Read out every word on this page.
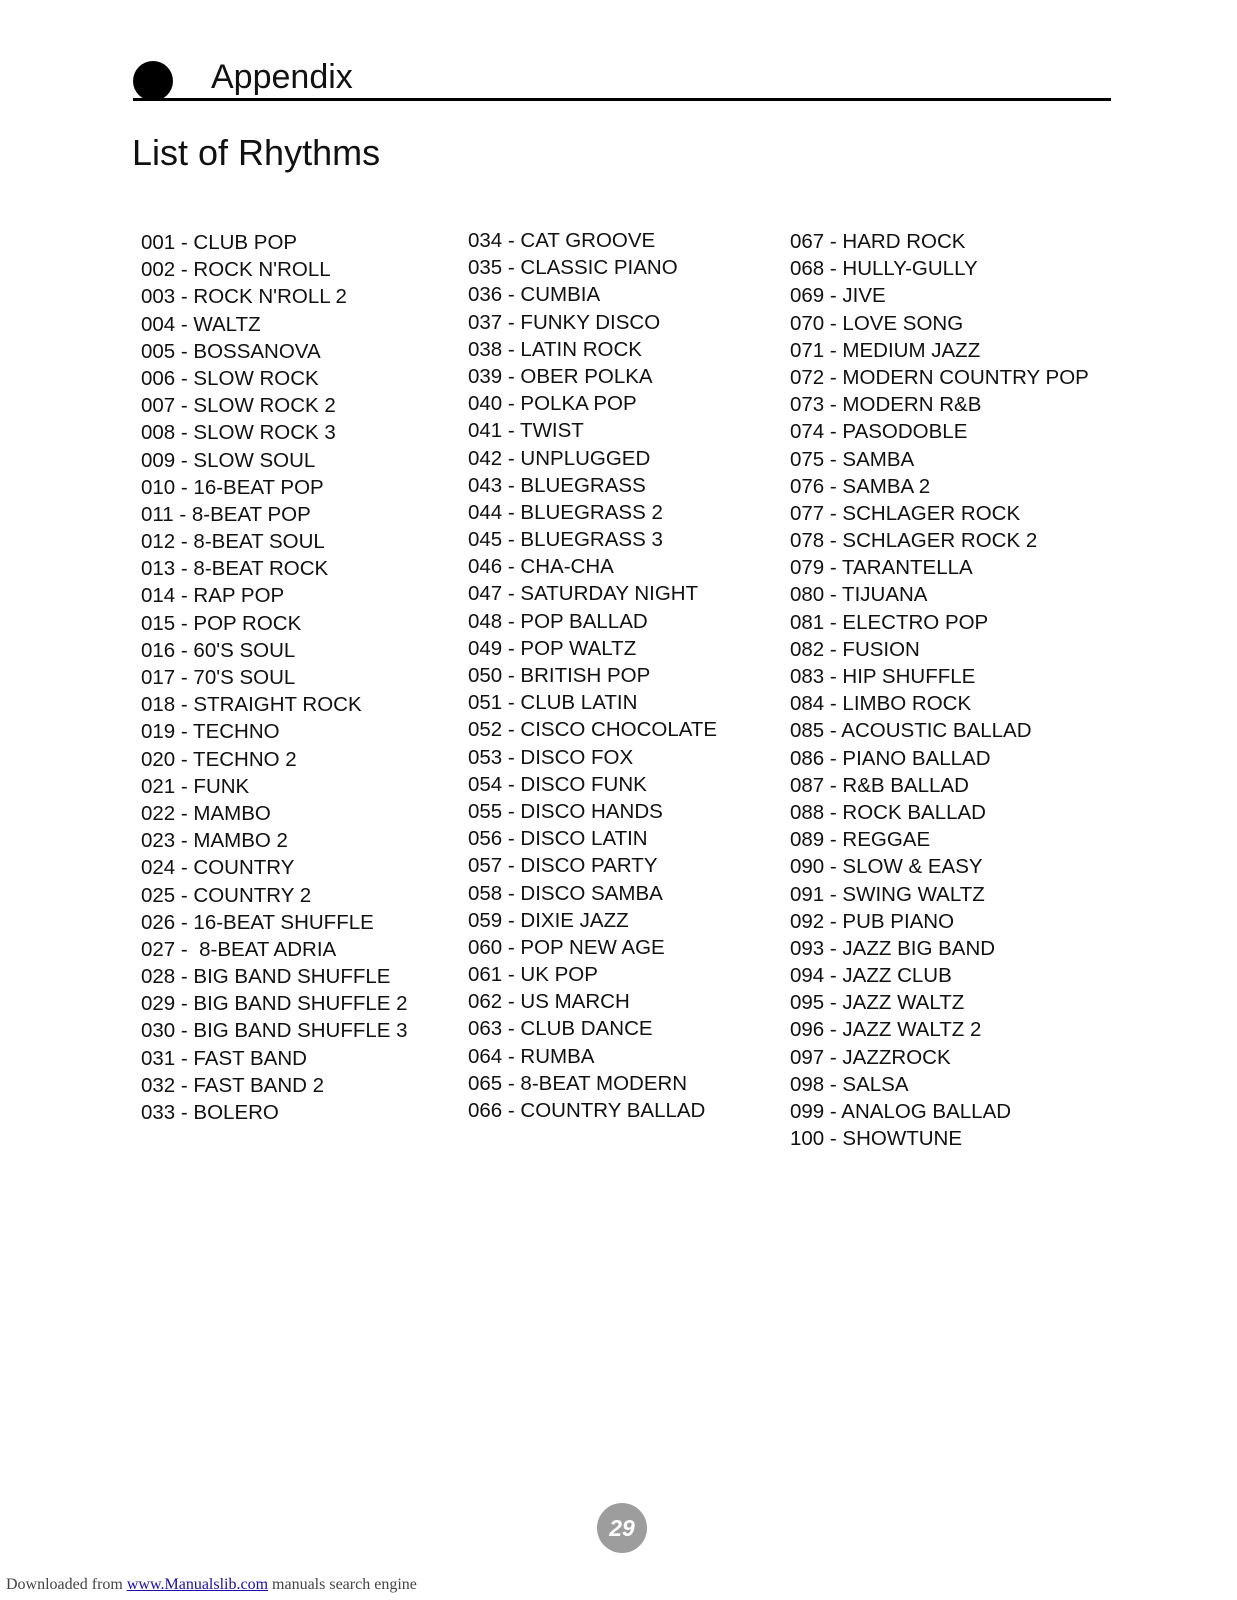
Appendix
List of Rhythms
001 - CLUB POP
002 - ROCK N'ROLL
003 - ROCK N'ROLL 2
004 - WALTZ
005 - BOSSANOVA
006 - SLOW ROCK
007 - SLOW ROCK 2
008 - SLOW ROCK 3
009 - SLOW SOUL
010 - 16-BEAT POP
011 - 8-BEAT POP
012 - 8-BEAT SOUL
013 - 8-BEAT ROCK
014 - RAP POP
015 - POP ROCK
016 - 60'S SOUL
017 - 70'S SOUL
018 - STRAIGHT ROCK
019 - TECHNO
020 - TECHNO 2
021 - FUNK
022 - MAMBO
023 - MAMBO 2
024 - COUNTRY
025 - COUNTRY 2
026 - 16-BEAT SHUFFLE
027 -  8-BEAT ADRIA
028 - BIG BAND SHUFFLE
029 - BIG BAND SHUFFLE 2
030 - BIG BAND SHUFFLE 3
031 - FAST BAND
032 - FAST BAND 2
033 - BOLERO
034 - CAT GROOVE
035 - CLASSIC PIANO
036 - CUMBIA
037 - FUNKY DISCO
038 - LATIN ROCK
039 - OBER POLKA
040 - POLKA POP
041 - TWIST
042 - UNPLUGGED
043 - BLUEGRASS
044 - BLUEGRASS 2
045 - BLUEGRASS 3
046 - CHA-CHA
047 - SATURDAY NIGHT
048 - POP BALLAD
049 - POP WALTZ
050 - BRITISH POP
051 - CLUB LATIN
052 - CISCO CHOCOLATE
053 - DISCO FOX
054 - DISCO FUNK
055 - DISCO HANDS
056 - DISCO LATIN
057 - DISCO PARTY
058 - DISCO SAMBA
059 - DIXIE JAZZ
060 - POP NEW AGE
061 - UK POP
062 - US MARCH
063 - CLUB DANCE
064 - RUMBA
065 - 8-BEAT MODERN
066 - COUNTRY BALLAD
067 - HARD ROCK
068 - HULLY-GULLY
069 - JIVE
070 - LOVE SONG
071 - MEDIUM JAZZ
072 - MODERN COUNTRY POP
073 - MODERN R&B
074 - PASODOBLE
075 - SAMBA
076 - SAMBA 2
077 - SCHLAGER ROCK
078 - SCHLAGER ROCK 2
079 - TARANTELLA
080 - TIJUANA
081 - ELECTRO POP
082 - FUSION
083 - HIP SHUFFLE
084 - LIMBO ROCK
085 - ACOUSTIC BALLAD
086 - PIANO BALLAD
087 - R&B BALLAD
088 - ROCK BALLAD
089 - REGGAE
090 - SLOW & EASY
091 - SWING WALTZ
092 - PUB PIANO
093 - JAZZ BIG BAND
094 - JAZZ CLUB
095 - JAZZ WALTZ
096 - JAZZ WALTZ 2
097 - JAZZROCK
098 - SALSA
099 - ANALOG BALLAD
100 - SHOWTUNE
29
Downloaded from www.Manualslib.com manuals search engine
